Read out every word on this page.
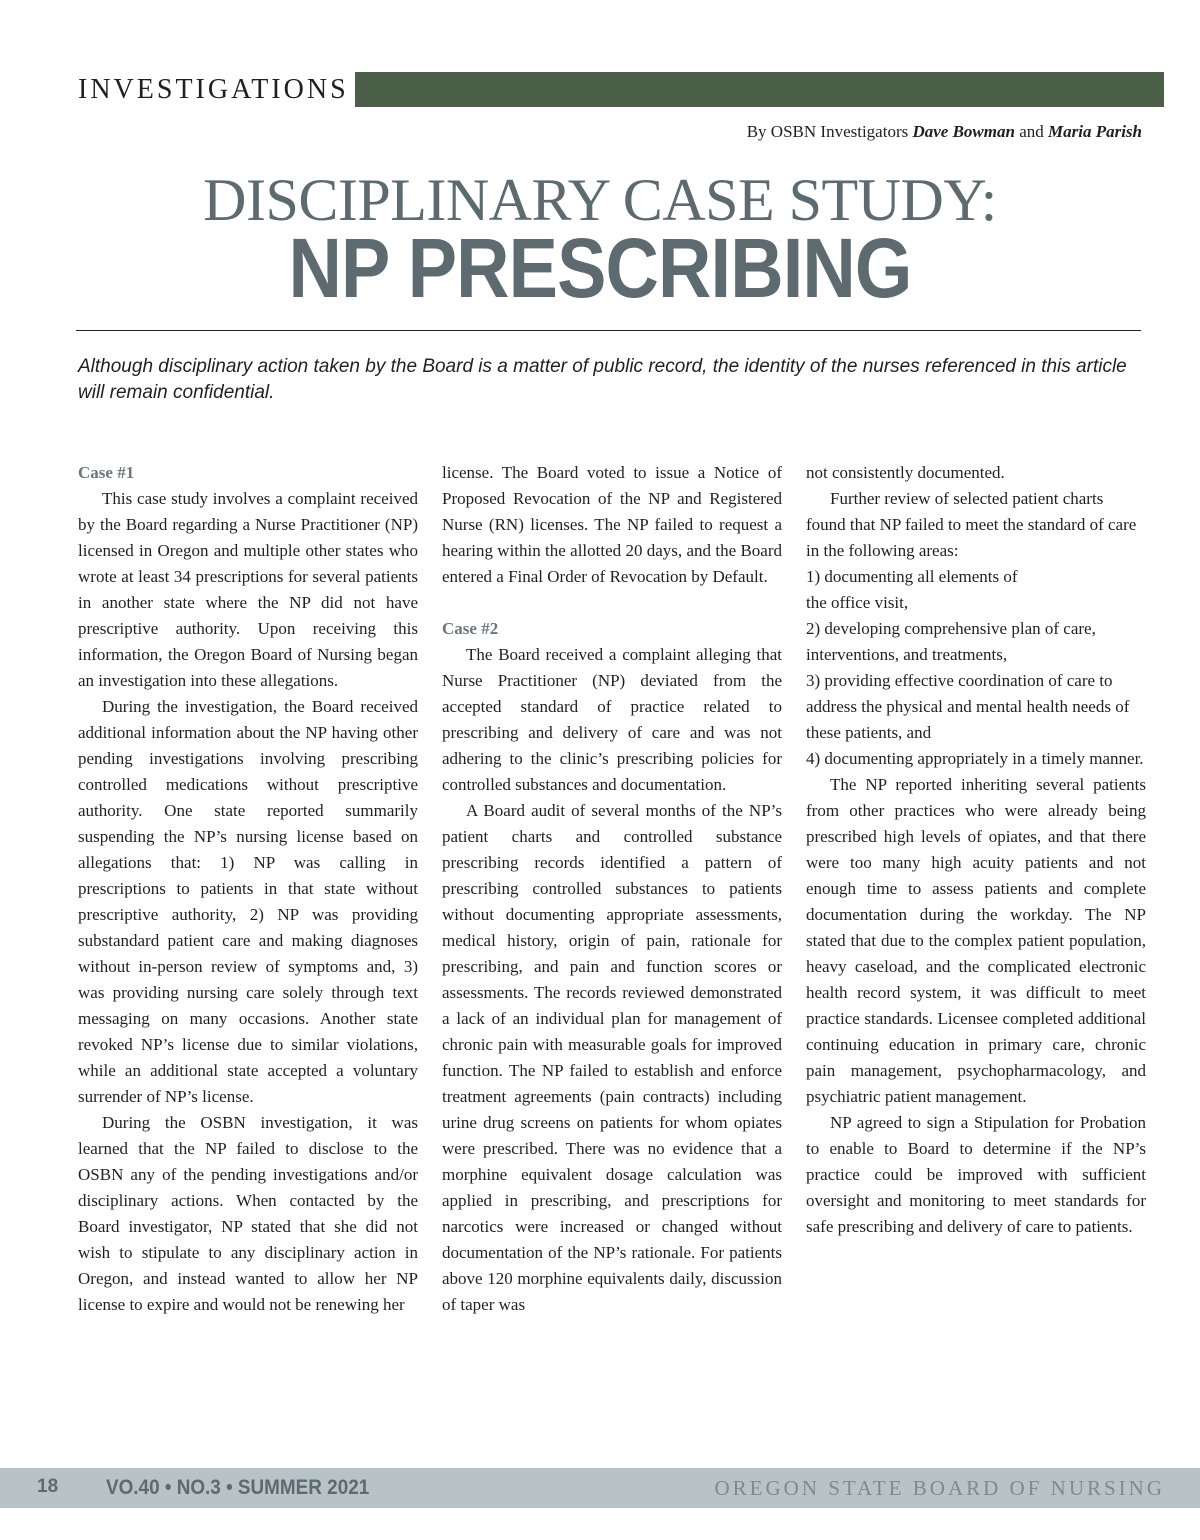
INVESTIGATIONS
By OSBN Investigators Dave Bowman and Maria Parish
DISCIPLINARY CASE STUDY:
NP PRESCRIBING
Although disciplinary action taken by the Board is a matter of public record, the identity of the nurses referenced in this article will remain confidential.

Case #1

This case study involves a complaint received by the Board regarding a Nurse Practitioner (NP) licensed in Oregon and multiple other states who wrote at least 34 prescriptions for several patients in another state where the NP did not have prescriptive authority. Upon receiving this information, the Oregon Board of Nursing began an investigation into these allegations.

During the investigation, the Board received additional information about the NP having other pending investigations involving prescribing controlled medications without prescriptive authority. One state reported summarily suspending the NP’s nursing license based on allegations that: 1) NP was calling in prescriptions to patients in that state without prescriptive authority, 2) NP was providing substandard patient care and making diagnoses without in-person review of symptoms and, 3) was providing nursing care solely through text messaging on many occasions. Another state revoked NP’s license due to similar violations, while an additional state accepted a voluntary surrender of NP’s license.

During the OSBN investigation, it was learned that the NP failed to disclose to the OSBN any of the pending investigations and/or disciplinary actions. When contacted by the Board investigator, NP stated that she did not wish to stipulate to any disciplinary action in Oregon, and instead wanted to allow her NP license to expire and would not be renewing her

license. The Board voted to issue a Notice of Proposed Revocation of the NP and Registered Nurse (RN) licenses. The NP failed to request a hearing within the allotted 20 days, and the Board entered a Final Order of Revocation by Default.

Case #2

The Board received a complaint alleging that Nurse Practitioner (NP) deviated from the accepted standard of practice related to prescribing and delivery of care and was not adhering to the clinic’s prescribing policies for controlled substances and documentation.

A Board audit of several months of the NP’s patient charts and controlled substance prescribing records identified a pattern of prescribing controlled substances to patients without documenting appropriate assessments, medical history, origin of pain, rationale for prescribing, and pain and function scores or assessments. The records reviewed demonstrated a lack of an individual plan for management of chronic pain with measurable goals for improved function. The NP failed to establish and enforce treatment agreements (pain contracts) including urine drug screens on patients for whom opiates were prescribed. There was no evidence that a morphine equivalent dosage calculation was applied in prescribing, and prescriptions for narcotics were increased or changed without documentation of the NP’s rationale. For patients above 120 morphine equivalents daily, discussion of taper was

not consistently documented.

Further review of selected patient charts found that NP failed to meet the standard of care in the following areas:

1) documenting all elements of

the office visit,

2) developing comprehensive plan of care, interventions, and treatments,

3) providing effective coordination of care to address the physical and mental health needs of these patients, and

4) documenting appropriately in a timely manner.

The NP reported inheriting several patients from other practices who were already being prescribed high levels of opiates, and that there were too many high acuity patients and not enough time to assess patients and complete documentation during the workday. The NP stated that due to the complex patient population, heavy caseload, and the complicated electronic health record system, it was difficult to meet practice standards. Licensee completed additional continuing education in primary care, chronic pain management, psychopharmacology, and psychiatric patient management.

NP agreed to sign a Stipulation for Probation to enable to Board to determine if the NP’s practice could be improved with sufficient oversight and monitoring to meet standards for safe prescribing and delivery of care to patients.

18 VO.40 • NO.3 • SUMMER 2021	OREGON STATE BOARD OF NURSING
